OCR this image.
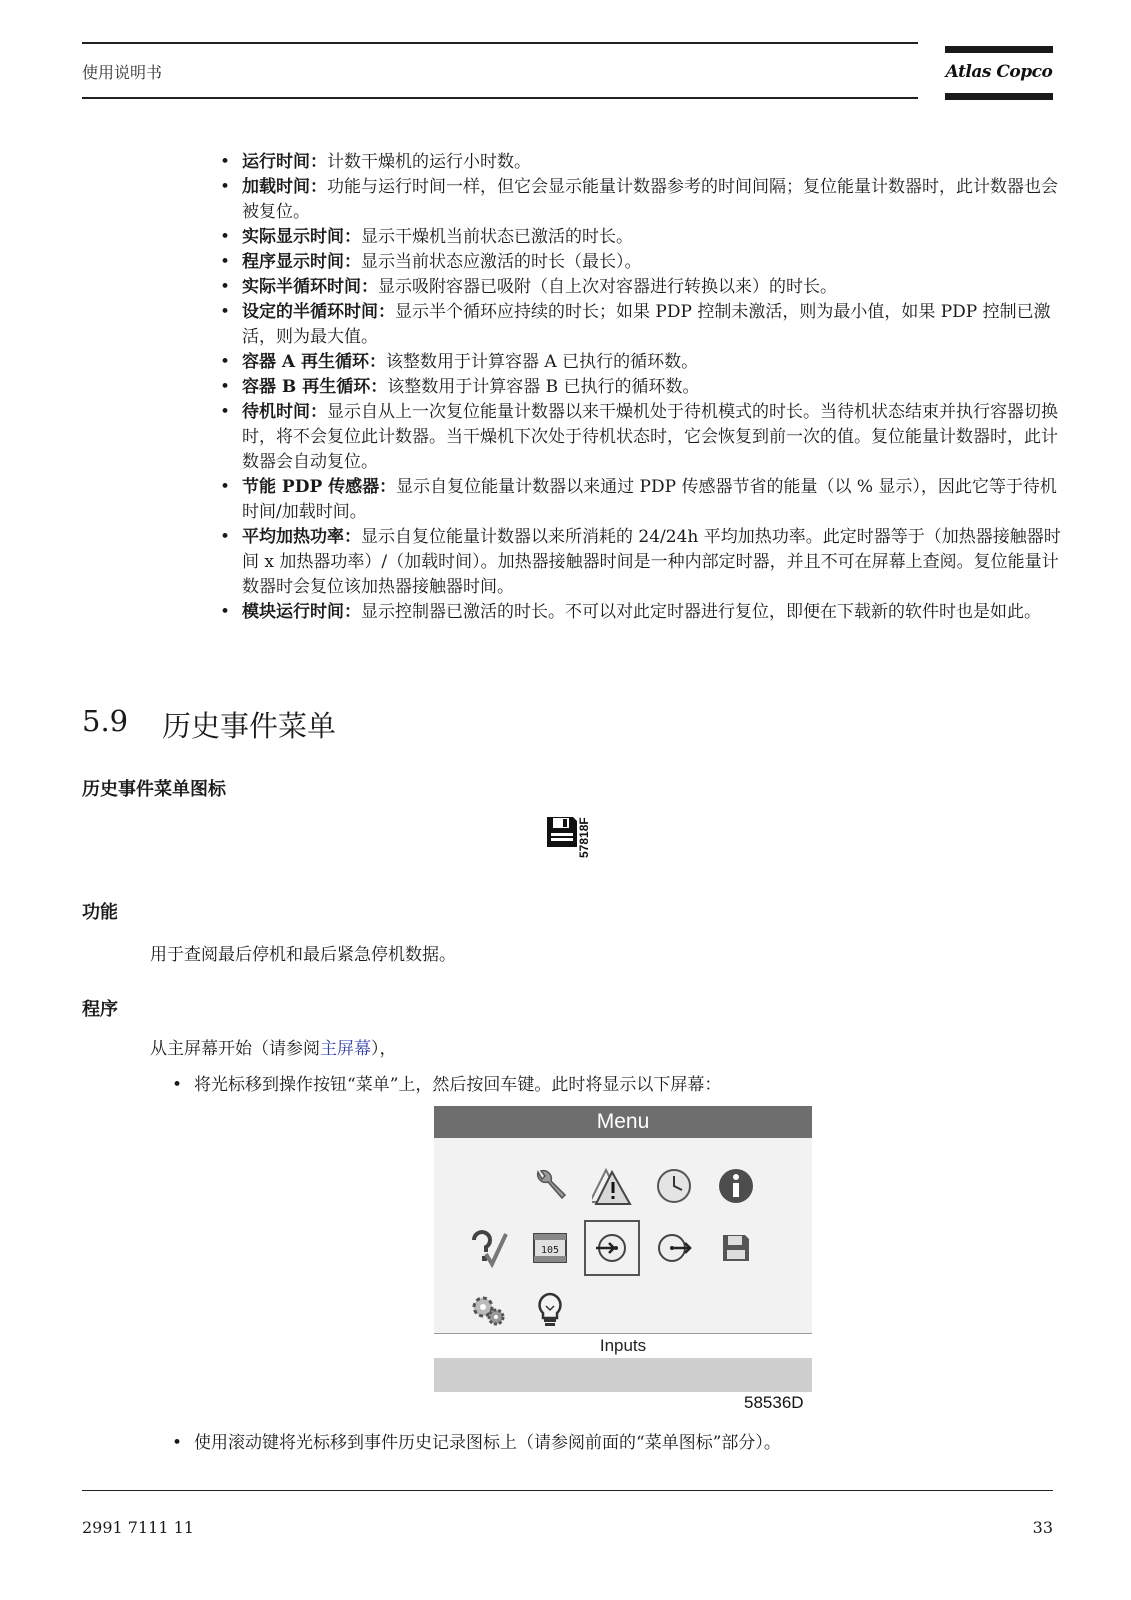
使用说明书	Atlas Copco
• 运行时间：计数干燥机的运行小时数。
• 加载时间：功能与运行时间一样，但它会显示能量计数器参考的时间间隔；复位能量计数器时，此计数器也会被复位。
• 实际显示时间：显示干燥机当前状态已激活的时长。
• 程序显示时间：显示当前状态应激活的时长（最长）。
• 实际半循环时间：显示吸附容器已吸附（自上次对容器进行转换以来）的时长。
• 设定的半循环时间：显示半个循环应持续的时长；如果 PDP 控制未激活，则为最小值，如果 PDP 控制已激活，则为最大值。
• 容器 A 再生循环：该整数用于计算容器 A 已执行的循环数。
• 容器 B 再生循环：该整数用于计算容器 B 已执行的循环数。
• 待机时间：显示自从上一次复位能量计数器以来干燥机处于待机模式的时长。当待机状态结束并执行容器切换时，将不会复位此计数器。当干燥机下次处于待机状态时，它会恢复到前一次的值。复位能量计数器时，此计数器会自动复位。
• 节能 PDP 传感器：显示自复位能量计数器以来通过 PDP 传感器节省的能量（以 % 显示），因此它等于待机时间/加载时间。
• 平均加热功率：显示自复位能量计数器以来所消耗的 24/24h 平均加热功率。此定时器等于（加热器接触器时间 x 加热器功率）/（加载时间）。加热器接触器时间是一种内部定时器，并且不可在屏幕上查阅。复位能量计数器时会复位该加热器接触器时间。
• 模块运行时间：显示控制器已激活的时长。不可以对此定时器进行复位，即便在下载新的软件时也是如此。
5.9 历史事件菜单
历史事件菜单图标
57818F
功能
用于查阅最后停机和最后紧急停机数据。
程序
从主屏幕开始（请参阅主屏幕），
• 将光标移到操作按钮“菜单”上，然后按回车键。此时将显示以下屏幕：
Menu
105
Inputs
58536D
• 使用滚动键将光标移到事件历史记录图标上（请参阅前面的“菜单图标”部分）。
2991 7111 11	33
